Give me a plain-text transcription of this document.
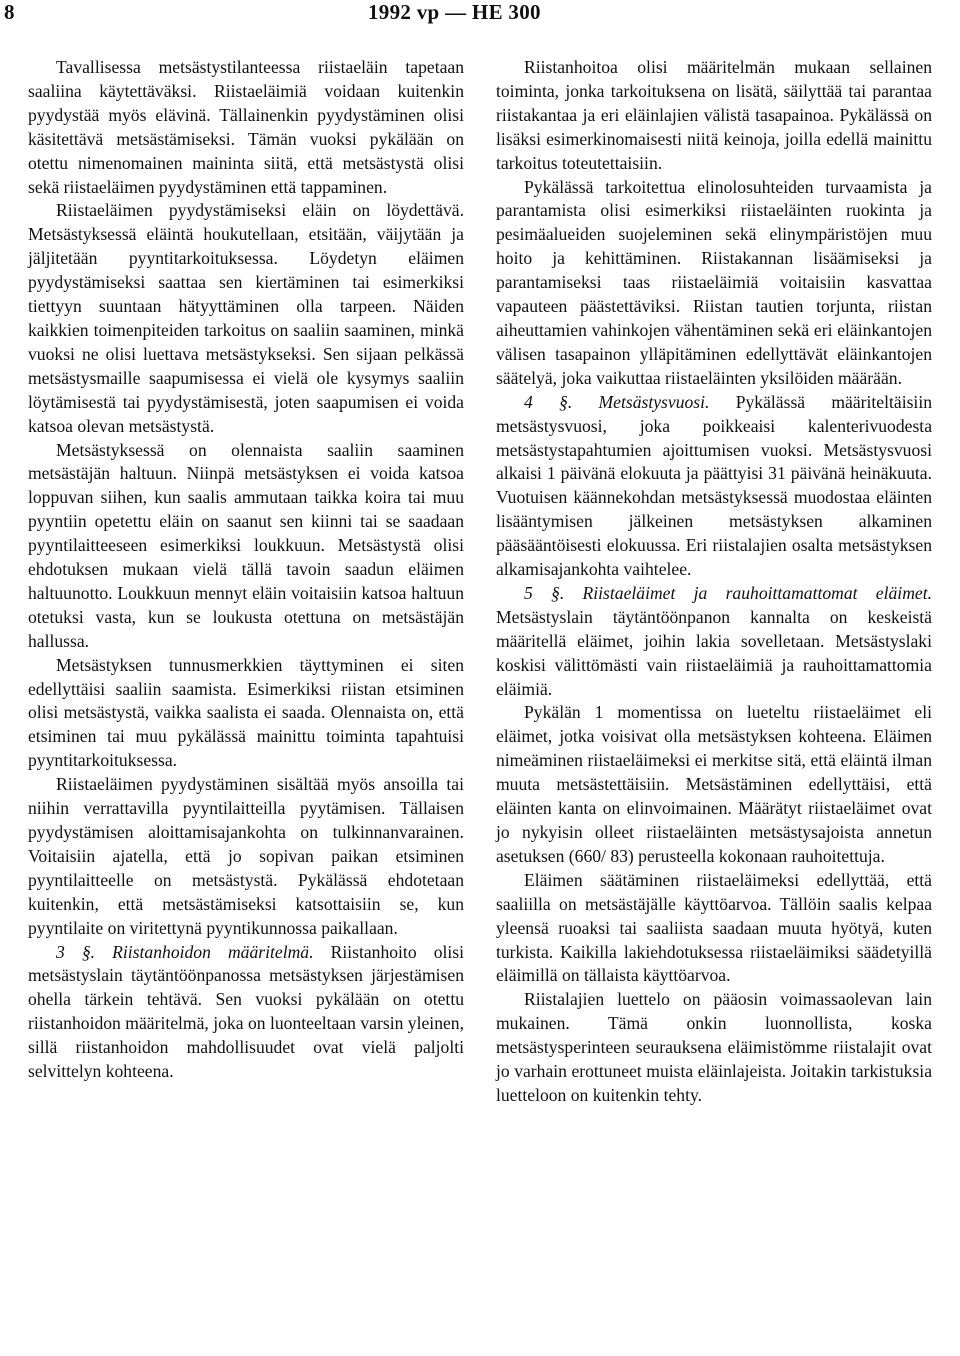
8	1992 vp — HE 300

Tavallisessa metsästystilanteessa riistaeläin tapetaan saaliina käytettäväksi. Riistaeläimiä voidaan kuitenkin pyydystää myös elävinä. Tällainenkin pyydystäminen olisi käsitettävä metsästämiseksi. Tämän vuoksi pykälään on otettu nimenomainen maininta siitä, että metsästystä olisi sekä riistaeläimen pyydystäminen että tappaminen.

Riistaeläimen pyydystämiseksi eläin on löydettävä. Metsästyksessä eläintä houkutellaan, etsitään, väijytään ja jäljitetään pyyntitarkoituksessa. Löydetyn eläimen pyydystämiseksi saattaa sen kiertäminen tai esimerkiksi tiettyyn suuntaan hätyyttäminen olla tarpeen. Näiden kaikkien toimenpiteiden tarkoitus on saaliin saaminen, minkä vuoksi ne olisi luettava metsästykseksi. Sen sijaan pelkässä metsästysmaille saapumisessa ei vielä ole kysymys saaliin löytämisestä tai pyydystämisestä, joten saapumisen ei voida katsoa olevan metsästystä.

Metsästyksessä on olennaista saaliin saaminen metsästäjän haltuun. Niinpä metsästyksen ei voida katsoa loppuvan siihen, kun saalis ammutaan taikka koira tai muu pyyntiin opetettu eläin on saanut sen kiinni tai se saadaan pyyntilaitteeseen esimerkiksi loukkuun. Metsästystä olisi ehdotuksen mukaan vielä tällä tavoin saadun eläimen haltuunotto. Loukkuun mennyt eläin voitaisiin katsoa haltuun otetuksi vasta, kun se loukusta otettuna on metsästäjän hallussa.

Metsästyksen tunnusmerkkien täyttyminen ei siten edellyttäisi saaliin saamista. Esimerkiksi riistan etsiminen olisi metsästystä, vaikka saalista ei saada. Olennaista on, että etsiminen tai muu pykälässä mainittu toiminta tapahtuisi pyyntitarkoituksessa.

Riistaeläimen pyydystäminen sisältää myös ansoilla tai niihin verrattavilla pyyntilaitteilla pyytämisen. Tällaisen pyydystämisen aloittamisajankohta on tulkinnanvarainen. Voitaisiin ajatella, että jo sopivan paikan etsiminen pyyntilaitteelle on metsästystä. Pykälässä ehdotetaan kuitenkin, että metsästämiseksi katsottaisiin se, kun pyyntilaite on viritettynä pyyntikunnossa paikallaan.

3 §. Riistanhoidon määritelmä. Riistanhoito olisi metsästyslain täytäntöönpanossa metsästyksen järjestämisen ohella tärkein tehtävä. Sen vuoksi pykälään on otettu riistanhoidon määritelmä, joka on luonteeltaan varsin yleinen, sillä riistanhoidon mahdollisuudet ovat vielä paljolti selvittelyn kohteena.

Riistanhoitoa olisi määritelmän mukaan sellainen toiminta, jonka tarkoituksena on lisätä, säilyttää tai parantaa riistakantaa ja eri eläinlajien välistä tasapainoa. Pykälässä on lisäksi esimerkinomaisesti niitä keinoja, joilla edellä mainittu tarkoitus toteutettaisiin.

Pykälässä tarkoitettua elinolosuhteiden turvaamista ja parantamista olisi esimerkiksi riistaeläinten ruokinta ja pesimäalueiden suojeleminen sekä elinympäristöjen muu hoito ja kehittäminen. Riistakannan lisäämiseksi ja parantamiseksi taas riistaeläimiä voitaisiin kasvattaa vapauteen päästettäviksi. Riistan tautien torjunta, riistan aiheuttamien vahinkojen vähentäminen sekä eri eläinkantojen välisen tasapainon ylläpitäminen edellyttävät eläinkantojen säätelyä, joka vaikuttaa riistaeläinten yksilöiden määrään.

4 §. Metsästysvuosi. Pykälässä määriteltäisiin metsästysvuosi, joka poikkeaisi kalenterivuodesta metsästystapahtumien ajoittumisen vuoksi. Metsästysvuosi alkaisi 1 päivänä elokuuta ja päättyisi 31 päivänä heinäkuuta. Vuotuisen käännekohdan metsästyksessä muodostaa eläinten lisääntymisen jälkeinen metsästyksen alkaminen pääsääntöisesti elokuussa. Eri riistalajien osalta metsästyksen alkamisajankohta vaihtelee.

5 §. Riistaeläimet ja rauhoittamattomat eläimet. Metsästyslain täytäntöönpanon kannalta on keskeistä määritellä eläimet, joihin lakia sovelletaan. Metsästyslaki koskisi välittömästi vain riistaeläimiä ja rauhoittamattomia eläimiä.

Pykälän 1 momentissa on lueteltu riistaeläimet eli eläimet, jotka voisivat olla metsästyksen kohteena. Eläimen nimeäminen riistaeläimeksi ei merkitse sitä, että eläintä ilman muuta metsästettäisiin. Metsästäminen edellyttäisi, että eläinten kanta on elinvoimainen. Määrätyt riistaeläimet ovat jo nykyisin olleet riistaeläinten metsästysajoista annetun asetuksen (660/ 83) perusteella kokonaan rauhoitettuja.

Eläimen säätäminen riistaeläimeksi edellyttää, että saaliilla on metsästäjälle käyttöarvoa. Tällöin saalis kelpaa yleensä ruoaksi tai saaliista saadaan muuta hyötyä, kuten turkista. Kaikilla lakiehdotuksessa riistaeläimiksi säädetyillä eläimillä on tällaista käyttöarvoa.

Riistalajien luettelo on pääosin voimassaolevan lain mukainen. Tämä onkin luonnollista, koska metsästysperinteen seurauksena eläimistömme riistalajit ovat jo varhain erottuneet muista eläinlajeista. Joitakin tarkistuksia luetteloon on kuitenkin tehty.
